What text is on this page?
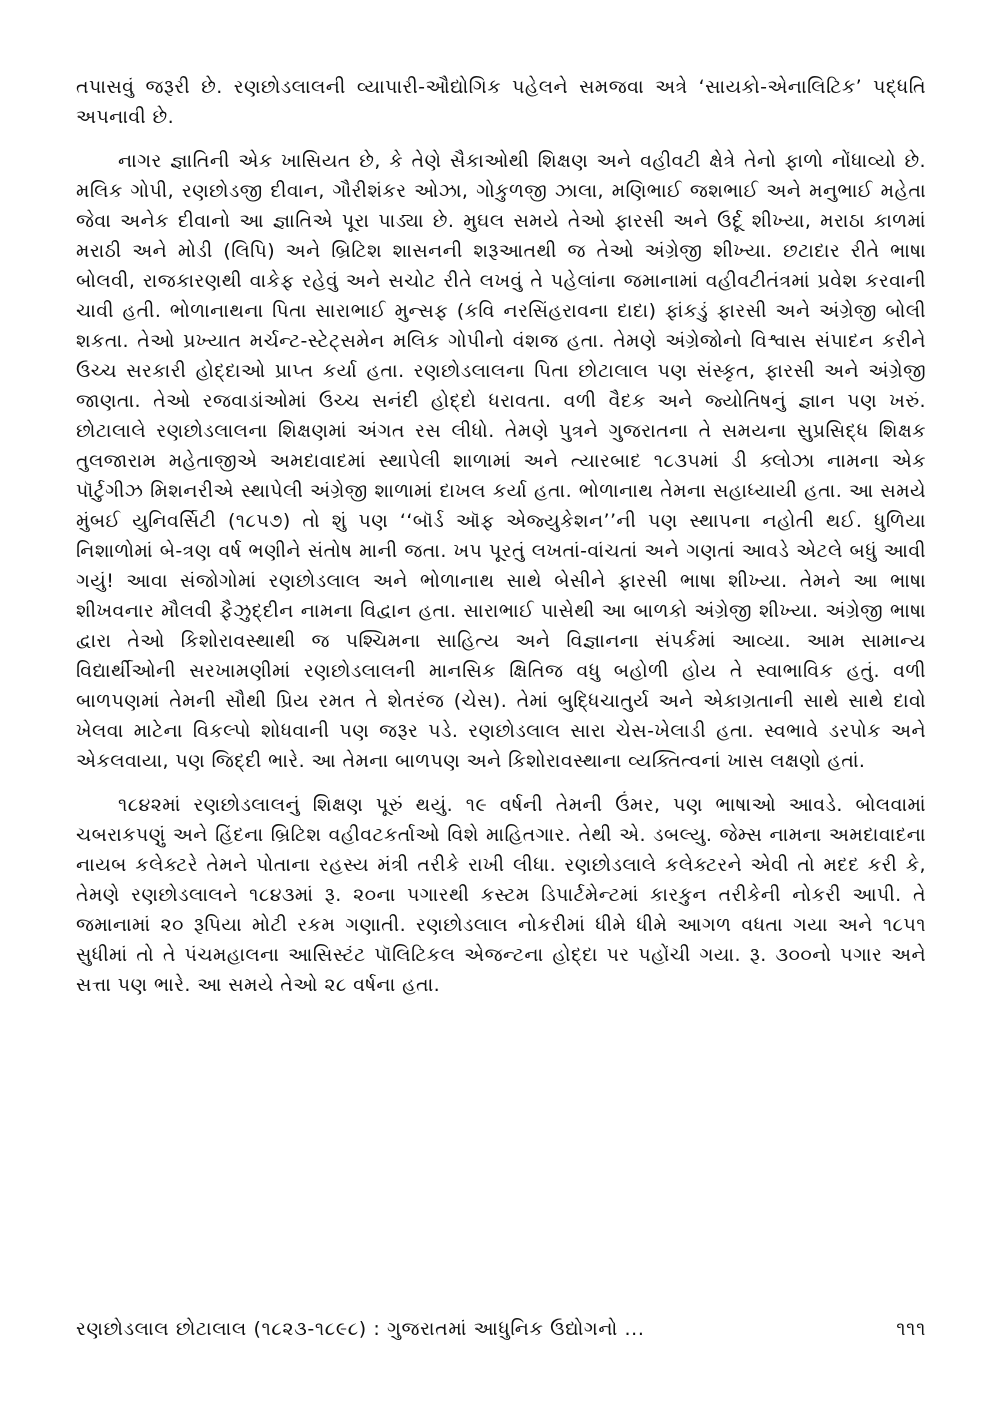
તપાસવું જરૂરી છે. રણછોડલાલની વ્યાપારી-ઔદ્યોગિક પહેલને સમજવા અત્રે ‘સાયકો-એનાલિટિક’ પદ્ધતિ અપનાવી છે.

નાગર જ્ઞાતિની એક ખાસિયત છે, કે તેણે સૈકાઓથી શિક્ષણ અને વહીવટી ક્ષેત્રે તેનો ફાળો નોંધાવ્યો છે. મલિક ગોપી, રણછોડજી દીવાન, ગૌરીશંકર ઓઝા, ગોકુળજી ઝાલા, મણિભાઈ જશભાઈ અને મનુભાઈ મહેતા જેવા અનેક દીવાનો આ જ્ઞાતિએ પૂરા પાડ્યા છે. મુઘલ સમયે તેઓ ફારસી અને ઉર્દૂ શીખ્યા, મરાઠા કાળમાં મરાઠી અને મોડી (લિપિ) અને બ્રિટિશ શાસનની શરૂઆતથી જ તેઓ અંગ્રેજી શીખ્યા. છટાદાર રીતે ભાષા બોલવી, રાજકારણથી વાકેફ રહેવું અને સચોટ રીતે લખવું તે પહેલાંના જમાનામાં વહીવટીતંત્રમાં પ્રવેશ કરવાની ચાવી હતી. ભોળાનાથના પિતા સારાભાઈ મુન્સફ (કવિ નરસિંહરાવના દાદા) ફાંકડું ફારસી અને અંગ્રેજી બોલી શકતા. તેઓ પ્રખ્યાત મર્ચન્ટ-સ્ટેટ્સમેન મલિક ગોપીનો વંશજ હતા. તેમણે અંગ્રેજોનો વિશ્વાસ સંપાદન કરીને ઉચ્ચ સરકારી હોદ્દાઓ પ્રાપ્ત કર્યા હતા. રણછોડલાલના પિતા છોટાલાલ પણ સંસ્કૃત, ફારસી અને અંગ્રેજી જાણતા. તેઓ રજવાડાંઓમાં ઉચ્ચ સનંદી હોદ્દો ધરાવતા. વળી વૈદક અને જ્યોતિષનું જ્ઞાન પણ ખરું. છોટાલાલે રણછોડલાલના શિક્ષણમાં અંગત રસ લીધો. તેમણે પુત્રને ગુજરાતના તે સમયના સુપ્રસિદ્ધ શિક્ષક તુલજારામ મહેતાજીએ અમદાવાદમાં સ્થાપેલી શાળામાં અને ત્યારબાદ ૧૮૩૫માં ડી ક્લોઝા નામના એક પૉર્ટુગીઝ મિશનરીએ સ્થાપેલી અંગ્રેજી શાળામાં દાખલ કર્યા હતા. ભોળાનાથ તેમના સહાધ્યાયી હતા. આ સમયે મુંબઈ યુનિવર્સિટી (૧૮૫૭) તો શું પણ ‘‘બૉર્ડ ઑફ એજ્યુકેશન’’ની પણ સ્થાપના નહોતી થઈ. ધુળિયા નિશાળોમાં બે-ત્રણ વર્ષ ભણીને સંતોષ માની જતા. ખપ પૂરતું લખતાં-વાંચતાં અને ગણતાં આવડે એટલે બધું આવી ગયું! આવા સંજોગોમાં રણછોડલાલ અને ભોળાનાથ સાથે બેસીને ફારસી ભાષા શીખ્યા. તેમને આ ભાષા શીખવનાર મૌલવી ફૈઝુદ્દીન નામના વિદ્વાન હતા. સારાભાઈ પાસેથી આ બાળકો અંગ્રેજી શીખ્યા. અંગ્રેજી ભાષા દ્વારા તેઓ કિશોરાવસ્થાથી જ પશ્ચિમના સાહિત્ય અને વિજ્ઞાનના સંપર્કમાં આવ્યા. આમ સામાન્ય વિદ્યાર્થીઓની સરખામણીમાં રણછોડલાલની માનસિક ક્ષિતિજ વધુ બહોળી હોય તે સ્વાભાવિક હતું. વળી બાળપણમાં તેમની સૌથી પ્રિય રમત તે શેતરંજ (ચેસ). તેમાં બુદ્ધિચાતુર્ય અને એકાગ્રતાની સાથે સાથે દાવો ખેલવા માટેના વિકલ્પો શોધવાની પણ જરૂર પડે. રણછોડલાલ સારા ચેસ-ખેલાડી હતા. સ્વભાવે ડરપોક અને એકલવાયા, પણ જિદ્દી ભારે. આ તેમના બાળપણ અને કિશોરાવસ્થાના વ્યક્તિત્વનાં ખાસ લક્ષણો હતાં.

૧૮૪૨માં રણછોડલાલનું શિક્ષણ પૂરું થયું. ૧૯ વર્ષની તેમની ઉંમર, પણ ભાષાઓ આવડે. બોલવામાં ચબરાકપણું અને હિંદના બ્રિટિશ વહીવટકર્તાઓ વિશે માહિતગાર. તેથી એ. ડબલ્યુ. જેમ્સ નામના અમદાવાદના નાયબ કલેક્ટરે તેમને પોતાના રહસ્ય મંત્રી તરીકે રાખી લીધા. રણછોડલાલે કલેક્ટરને એવી તો મદદ કરી કે, તેમણે રણછોડલાલને ૧૮૪૩માં રૂ. ૨૦ના પગારથી કસ્ટમ ડિપાર્ટમેન્ટમાં કારકુન તરીકેની નોકરી આપી. તે જમાનામાં ૨૦ રૂપિયા મોટી રકમ ગણાતી. રણછોડલાલ નોકરીમાં ધીમે ધીમે આગળ વધતા ગયા અને ૧૮૫૧ સુધીમાં તો તે પંચમહાલના આસિસ્ટંટ પૉલિટિકલ એજન્ટના હોદ્દા પર પહોંચી ગયા. રૂ. ૩૦૦નો પગાર અને સત્તા પણ ભારે. આ સમયે તેઓ ૨૮ વર્ષના હતા.

રણછોડલાલ છોટાલાલ (૧૮૨૩-૧૮૯૮) : ગુજરાતમાં આધુનિક ઉદ્યોગનો ...	૧૧૧
